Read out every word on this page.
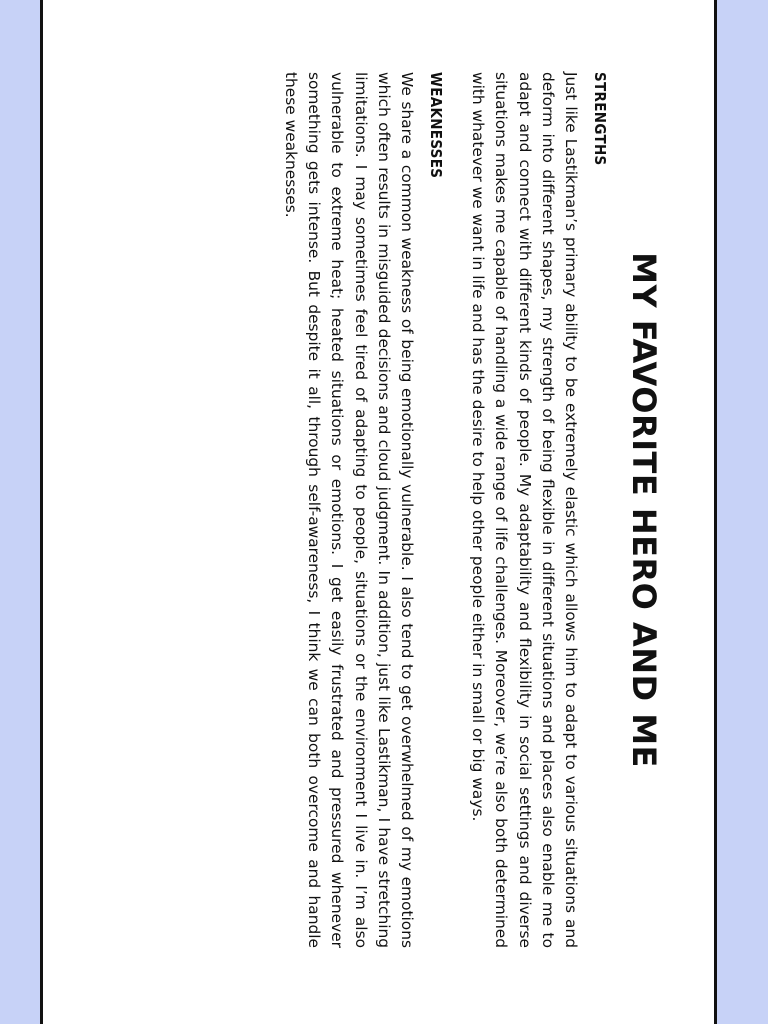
MY FAVORITE HERO AND ME
STRENGTHS

Just like Lastikman’s primary ability to be extremely elastic which allows him to adapt to various situations and deform into different shapes, my strength of being flexible in different situations and places also enable me to adapt and connect with different kinds of people. My adaptability and flexibility in social settings and diverse situations makes me capable of handling a wide range of life challenges. Moreover, we’re also both determined with whatever we want in life and has the desire to help other people either in small or big ways.

WEAKNESSES

We share a common weakness of being emotionally vulnerable. I also tend to get overwhelmed of my emotions which often results in misguided decisions and cloud judgment. In addition, just like Lastikman, I have stretching limitations. I may sometimes feel tired of adapting to people, situations or the environment I live in. I’m also vulnerable to extreme heat; heated situations or emotions. I get easily frustrated and pressured whenever something gets intense. But despite it all, through self-awareness, I think we can both overcome and handle these weaknesses.
